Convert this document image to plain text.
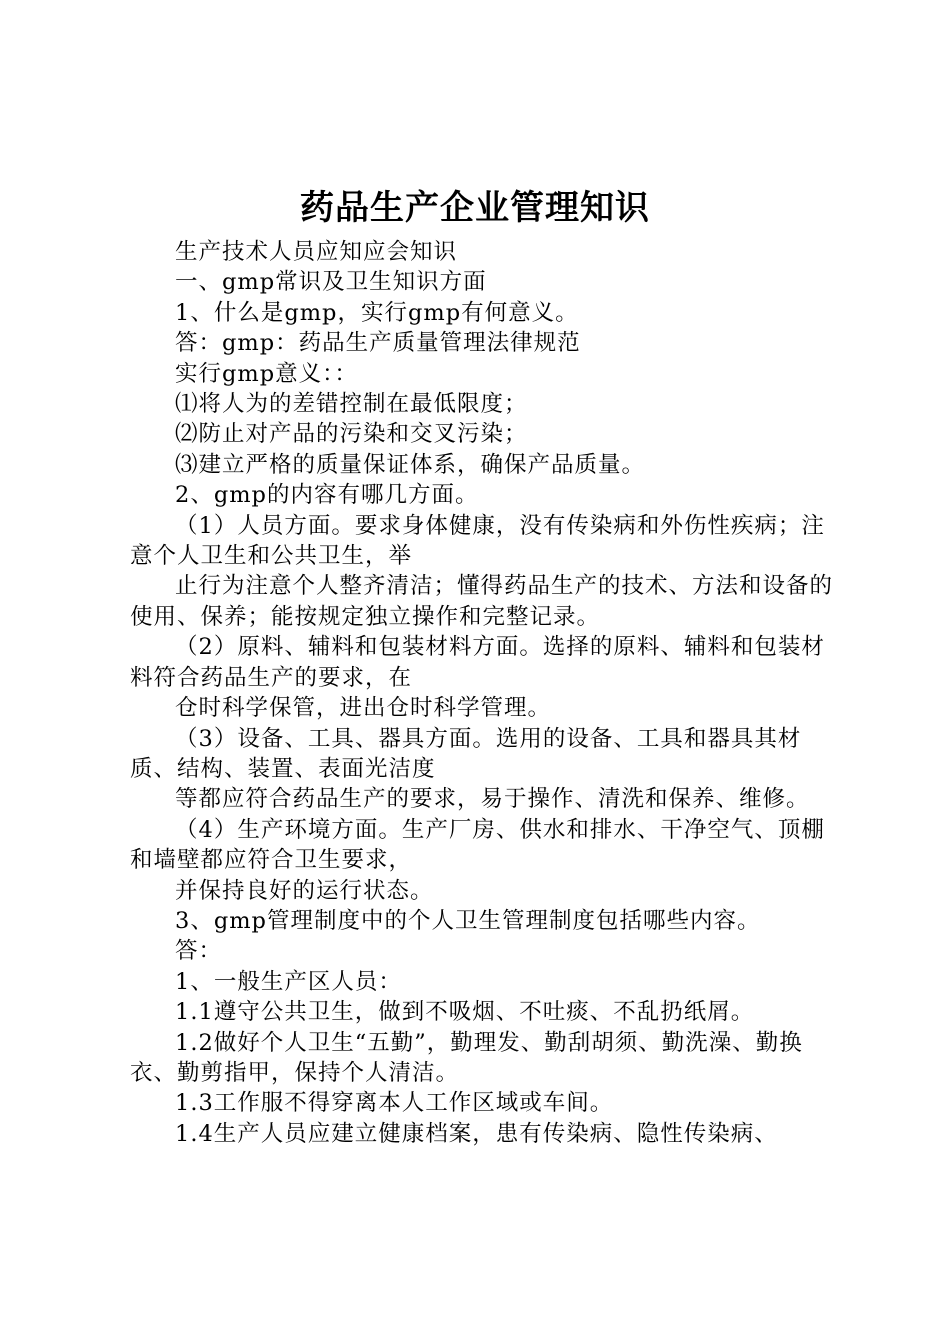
药品生产企业管理知识

生产技术人员应知应会知识

一、gmp常识及卫生知识方面

1、什么是gmp，实行gmp有何意义。

答：gmp：药品生产质量管理法律规范

实行gmp意义：：

⑴将人为的差错控制在最低限度；

⑵防止对产品的污染和交叉污染；

⑶建立严格的质量保证体系，确保产品质量。

2、gmp的内容有哪几方面。

（1）人员方面。要求身体健康，没有传染病和外伤性疾病；注意个人卫生和公共卫生，举

止行为注意个人整齐清洁；懂得药品生产的技术、方法和设备的使用、保养；能按规定独立操作和完整记录。

（2）原料、辅料和包装材料方面。选择的原料、辅料和包装材料符合药品生产的要求，在

仓时科学保管，进出仓时科学管理。

（3）设备、工具、器具方面。选用的设备、工具和器具其材质、结构、装置、表面光洁度

等都应符合药品生产的要求，易于操作、清洗和保养、维修。

（4）生产环境方面。生产厂房、供水和排水、干净空气、顶棚和墙壁都应符合卫生要求，

并保持良好的运行状态。

3、gmp管理制度中的个人卫生管理制度包括哪些内容。

答：

1、一般生产区人员：

1.1遵守公共卫生，做到不吸烟、不吐痰、不乱扔纸屑。

1.2做好个人卫生“五勤”，勤理发、勤刮胡须、勤洗澡、勤换衣、勤剪指甲，保持个人清洁。

1.3工作服不得穿离本人工作区域或车间。

1.4生产人员应建立健康档案，患有传染病、隐性传染病、
